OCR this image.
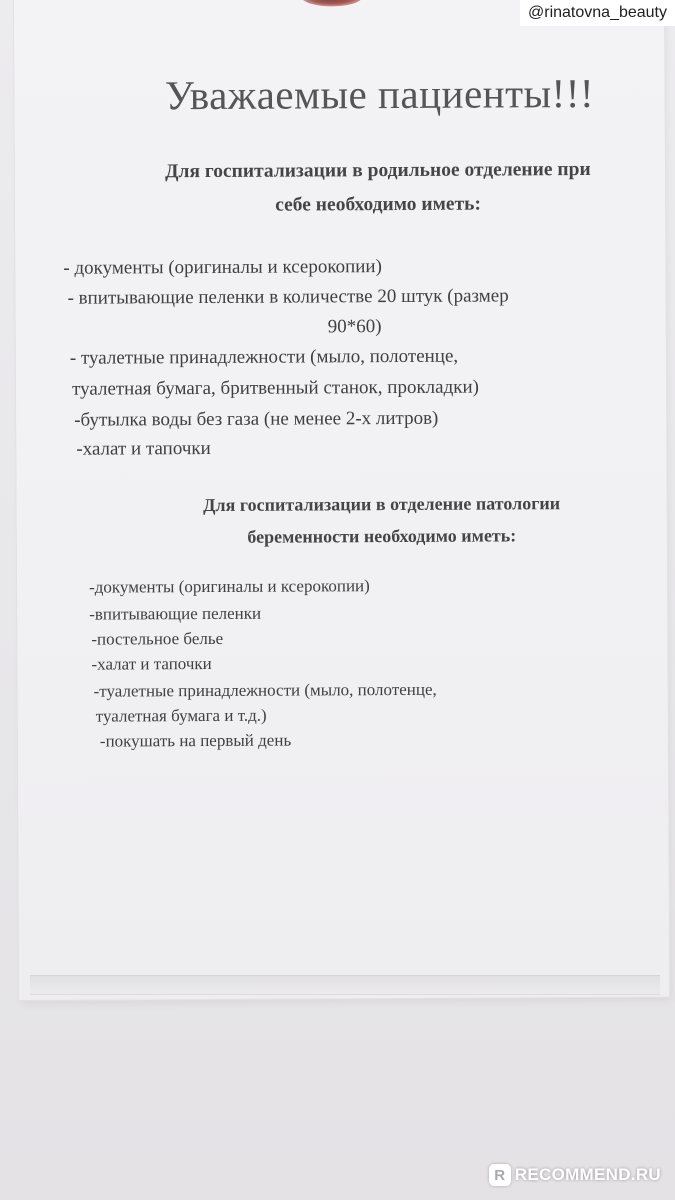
Уважаемые пациенты!!!
Для госпитализации в родильное отделение при
себе необходимо иметь:
- документы (оригиналы и ксерокопии)
- впитывающие пеленки в количестве 20 штук (размер
90*60)
- туалетные принадлежности (мыло, полотенце,
туалетная бумага, бритвенный станок, прокладки)
-бутылка воды без газа (не менее 2-х литров)
-халат и тапочки
Для госпитализации в отделение патологии
беременности необходимо иметь:
-документы (оригиналы и ксерокопии)
-впитывающие пеленки
-постельное белье
-халат и тапочки
-туалетные принадлежности (мыло, полотенце,
туалетная бумага и т.д.)
-покушать на первый день
@rinatovna_beauty
R RECOMMEND.RU
